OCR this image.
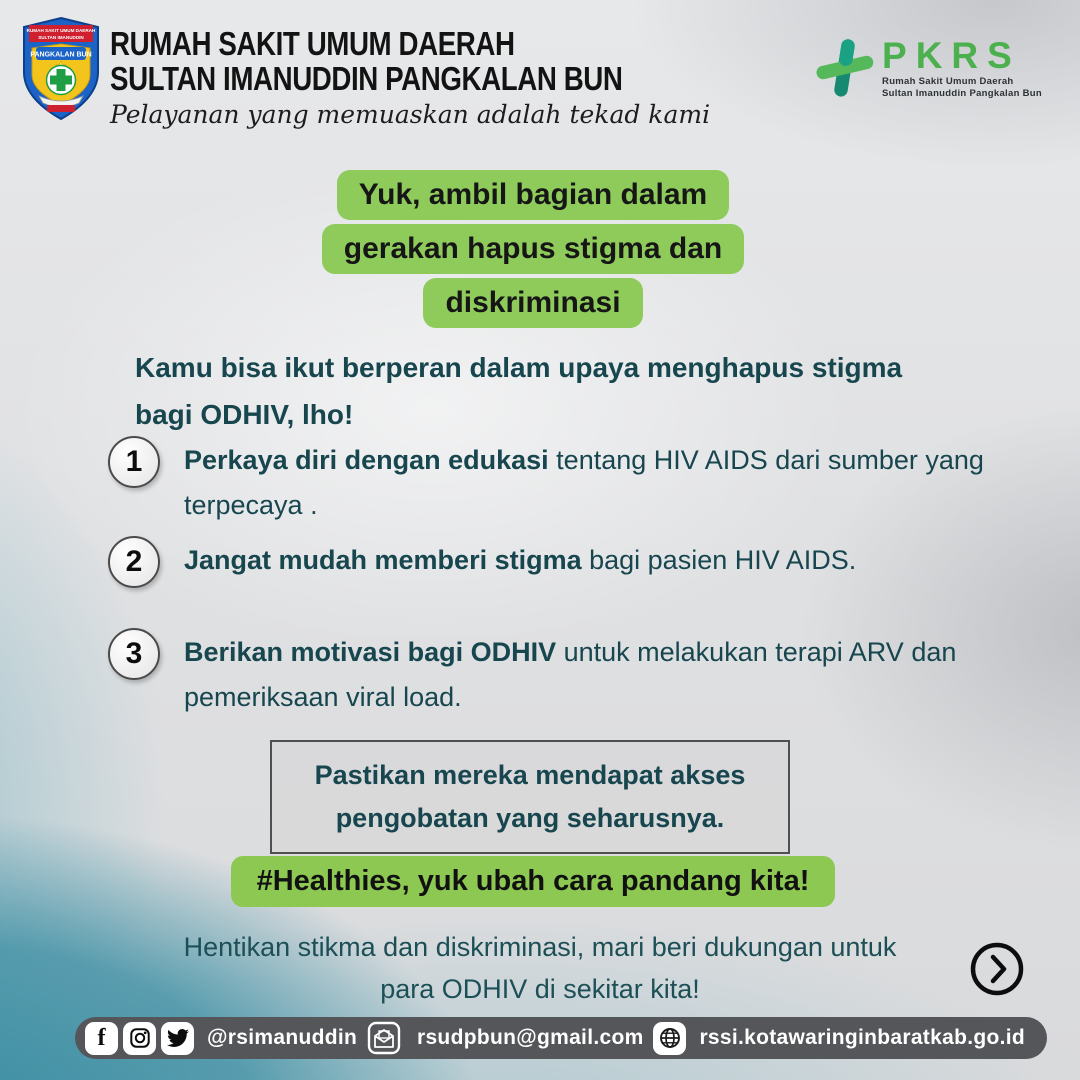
RUMAH SAKIT UMUM DAERAH
SULTAN IMANUDDIN
PANGKALAN BUN RUMAH SAKIT UMUM DAERAH
SULTAN IMANUDDIN PANGKALAN BUN
Pelayanan yang memuaskan adalah tekad kami
PKRS
Rumah Sakit Umum Daerah
Sultan Imanuddin Pangkalan Bun
Yuk, ambil bagian dalam
gerakan hapus stigma dan
diskriminasi
Kamu bisa ikut berperan dalam upaya menghapus stigma bagi ODHIV, lho!
1	Perkaya diri dengan edukasi tentang HIV AIDS dari sumber yang terpecaya .
2	Jangat mudah memberi stigma bagi pasien HIV AIDS.
3	Berikan motivasi bagi ODHIV untuk melakukan terapi ARV dan pemeriksaan viral load.
Pastikan mereka mendapat akses pengobatan yang seharusnya.
#Healthies, yuk ubah cara pandang kita!
Hentikan stikma dan diskriminasi, mari beri dukungan untuk para ODHIV di sekitar kita!
f	@rsimanuddin	rsudpbun@gmail.com	rssi.kotawaringinbaratkab.go.id
